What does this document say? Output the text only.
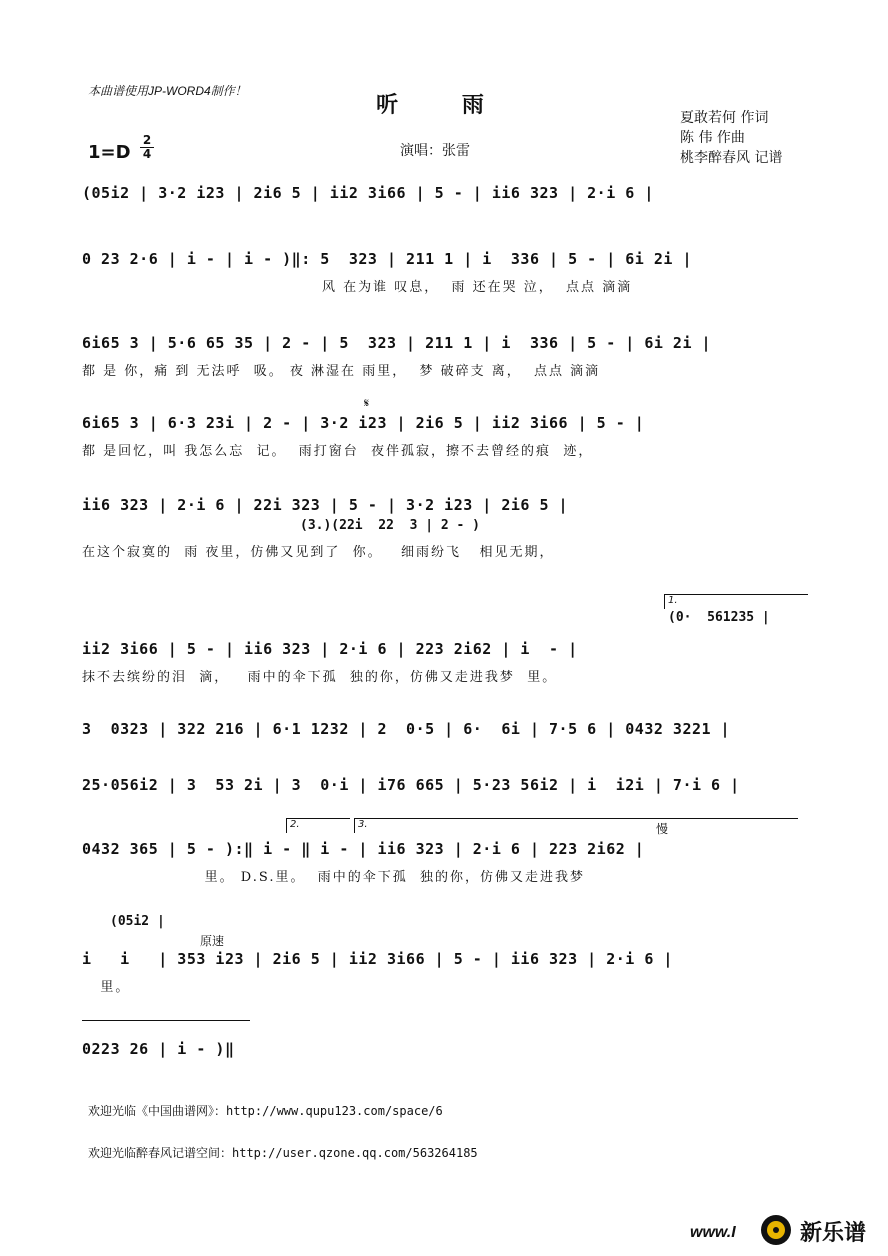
本曲谱使用JP-WORD4制作！
听 雨	夏敢若何 作词
陈 伟 作曲
桃李醉春风 记谱
1=D
2
4	演唱：张雷
(05i2 | 3·2 i23 | 2i6 5 | ii2 3i66 | 5 - | ii6 323 | 2·i 6 |
0 23 2·6 | i - | i - )‖: 5  323 | 211 1 | i  336 | 5 - | 6i 2i |
风 在为谁 叹息，  雨 还在哭 泣，  点点 滴滴
6i65 3 | 5·6 65 35 | 2 - | 5  323 | 211 1 | i  336 | 5 - | 6i 2i |
都 是 你，痛 到 无法呼  吸。 夜 淋湿在 雨里，  梦 破碎支 离，  点点 滴滴
𝄋
6i65 3 | 6·3 23i | 2 - | 3·2 i23 | 2i6 5 | ii2 3i66 | 5 - |
都 是回忆，叫 我怎么忘  记。  雨打窗台  夜伴孤寂，擦不去曾经的痕  迹，
ii6 323 | 2·i 6 | 22i 323 | 5 - | 3·2 i23 | 2i6 5 |
(3.)(22i  22  3 | 2 - )
在这个寂寞的  雨 夜里，仿佛又见到了  你。   细雨纷飞   相见无期，
1.
(0·  561235 |
ii2 3i66 | 5 - | ii6 323 | 2·i 6 | 223 2i62 | i  - |
抹不去缤纷的泪  滴，   雨中的伞下孤  独的你，仿佛又走进我梦  里。
3  0323 | 322 216 | 6·1 1232 | 2  0·5 | 6·  6i | 7·5 6 | 0432 3221 |
25·056i2 | 3  53 2i | 3  0·i | i76 665 | 5·23 56i2 | i  i2i | 7·i 6 |
2.	3.	慢
0432 365 | 5 - ):‖ i - ‖ i - | ii6 323 | 2·i 6 | 223 2i62 |
里。 D.S.里。  雨中的伞下孤  独的你，仿佛又走进我梦
(05i2 |
原速
i   i   | 353 i23 | 2i6 5 | ii2 3i66 | 5 - | ii6 323 | 2·i 6 |
里。
0223 26 | i - )‖
欢迎光临《中国曲谱网》：http://www.qupu123.com/space/6
欢迎光临醉春风记谱空间：http://user.qzone.qq.com/563264185
www.I	新乐谱
